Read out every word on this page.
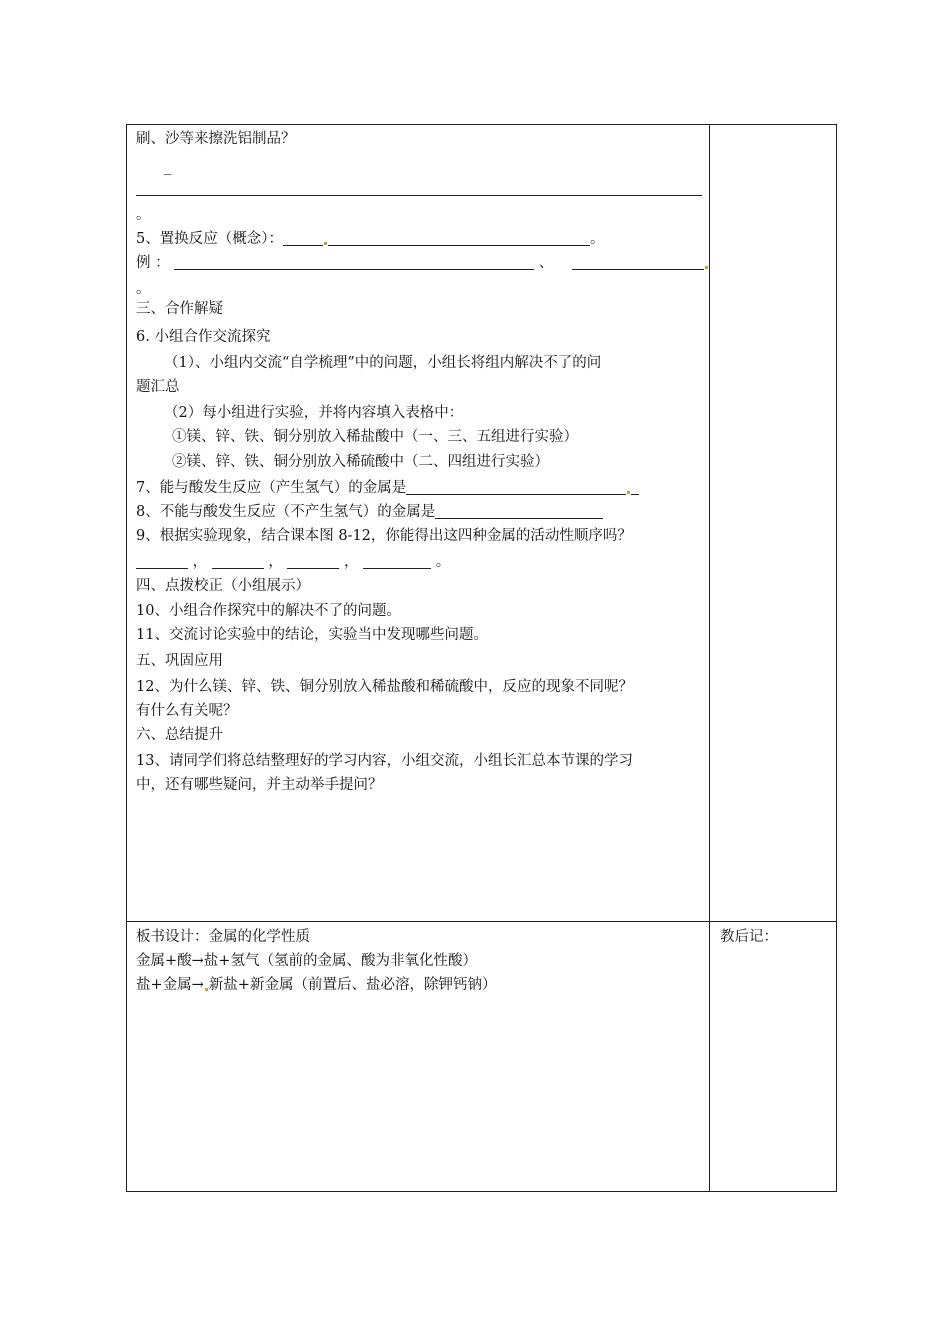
刷、沙等来擦洗铝制品？
_
。
5、置换反应（概念）：	。
例 ：	、
。
三、合作解疑
6. 小组合作交流探究
（1）、小组内交流“自学梳理”中的问题，小组长将组内解决不了的问
题汇总
（2）每小组进行实验，并将内容填入表格中：
①镁、锌、铁、铜分别放入稀盐酸中（一、三、五组进行实验）
②镁、锌、铁、铜分别放入稀硫酸中（二、四组进行实验）
7、能与酸发生反应（产生氢气）的金属是
8、不能与酸发生反应（不产生氢气）的金属是
9、根据实验现象，结合课本图 8-12，你能得出这四种金属的活动性顺序吗？
，	，	，	。
四、点拨校正（小组展示）
10、小组合作探究中的解决不了的问题。
11、交流讨论实验中的结论，实验当中发现哪些问题。
五、巩固应用
12、为什么镁、锌、铁、铜分别放入稀盐酸和稀硫酸中，反应的现象不同呢？
有什么有关呢？
六、总结提升
13、请同学们将总结整理好的学习内容，小组交流，小组长汇总本节课的学习
中，还有哪些疑问，并主动举手提问？
板书设计：金属的化学性质
金属+酸→盐+氢气（氢前的金属、酸为非氧化性酸）
盐+金属→ 新盐+新金属（前置后、盐必溶，除钾钙钠）
教后记：
